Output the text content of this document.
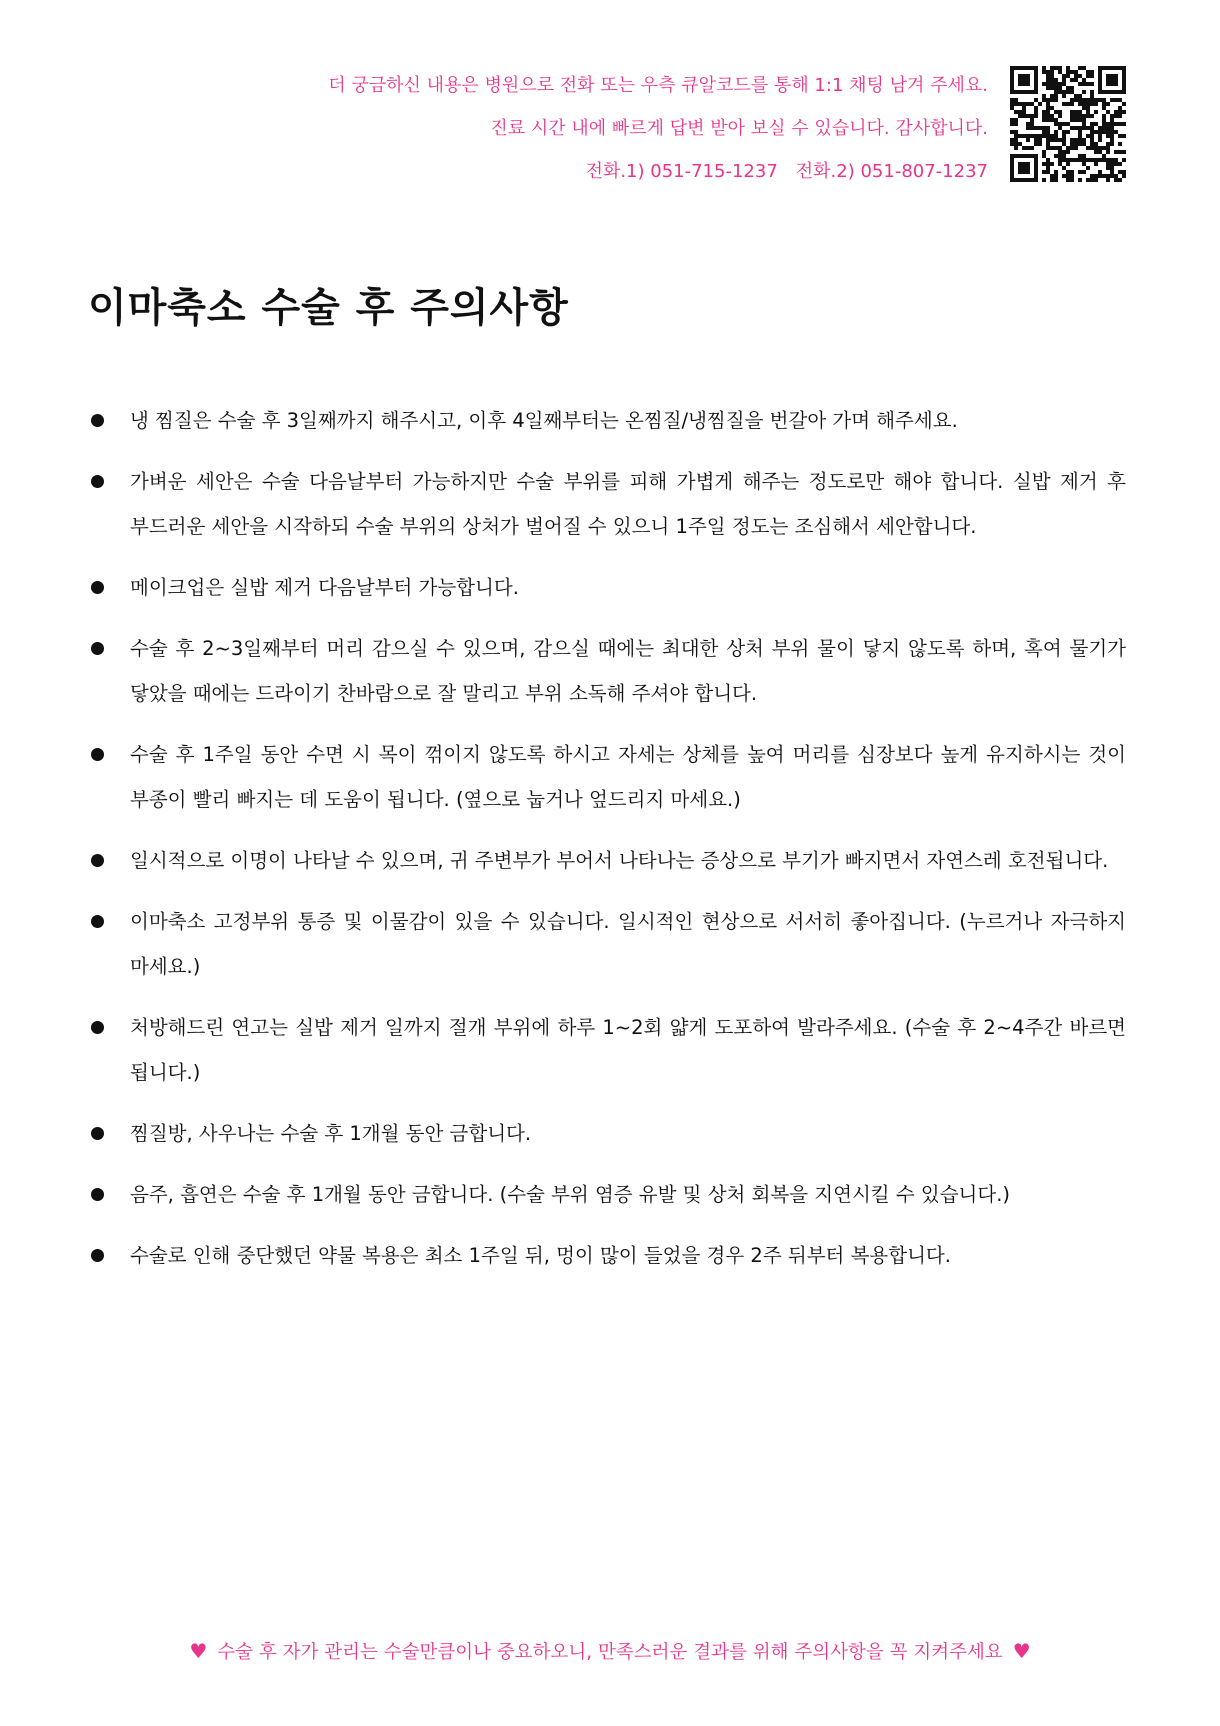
더 궁금하신 내용은 병원으로 전화 또는 우측 큐알코드를 통해 1:1 채팅 남겨 주세요.
진료 시간 내에 빠르게 답변 받아 보실 수 있습니다. 감사합니다.
전화.1) 051-715-1237 전화.2) 051-807-1237
이마축소 수술 후 주의사항
냉 찜질은 수술 후 3일째까지 해주시고, 이후 4일째부터는 온찜질/냉찜질을 번갈아 가며 해주세요.
가벼운 세안은 수술 다음날부터 가능하지만 수술 부위를 피해 가볍게 해주는 정도로만 해야 합니다. 실밥 제거 후 부드러운 세안을 시작하되 수술 부위의 상처가 벌어질 수 있으니 1주일 정도는 조심해서 세안합니다.
메이크업은 실밥 제거 다음날부터 가능합니다.
수술 후 2~3일째부터 머리 감으실 수 있으며, 감으실 때에는 최대한 상처 부위 물이 닿지 않도록 하며, 혹여 물기가 닿았을 때에는 드라이기 찬바람으로 잘 말리고 부위 소독해 주셔야 합니다.
수술 후 1주일 동안 수면 시 목이 꺾이지 않도록 하시고 자세는 상체를 높여 머리를 심장보다 높게 유지하시는 것이 부종이 빨리 빠지는 데 도움이 됩니다. (옆으로 눕거나 엎드리지 마세요.)
일시적으로 이명이 나타날 수 있으며, 귀 주변부가 부어서 나타나는 증상으로 부기가 빠지면서 자연스레 호전됩니다.
이마축소 고정부위 통증 및 이물감이 있을 수 있습니다. 일시적인 현상으로 서서히 좋아집니다. (누르거나 자극하지 마세요.)
처방해드린 연고는 실밥 제거 일까지 절개 부위에 하루 1~2회 얇게 도포하여 발라주세요. (수술 후 2~4주간 바르면 됩니다.)
찜질방, 사우나는 수술 후 1개월 동안 금합니다.
음주, 흡연은 수술 후 1개월 동안 금합니다. (수술 부위 염증 유발 및 상처 회복을 지연시킬 수 있습니다.)
수술로 인해 중단했던 약물 복용은 최소 1주일 뒤, 멍이 많이 들었을 경우 2주 뒤부터 복용합니다.
♥ 수술 후 자가 관리는 수술만큼이나 중요하오니, 만족스러운 결과를 위해 주의사항을 꼭 지켜주세요 ♥
